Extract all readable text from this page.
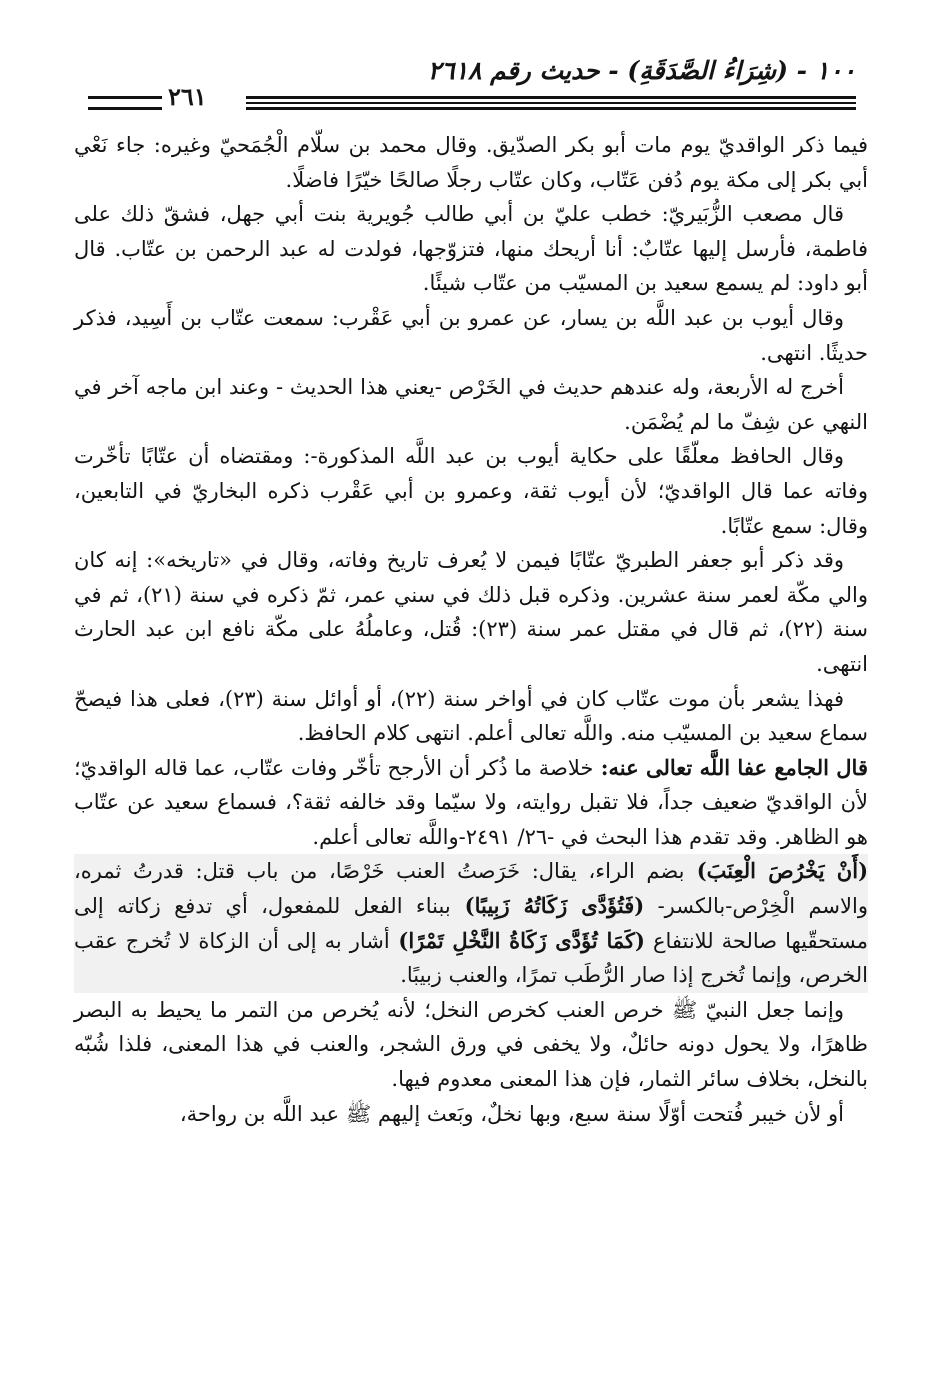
١٠٠ - (شِرَاءُ الصَّدَقَةِ) - حديث رقم ٢٦١٨
٢٦١

فيما ذكر الواقديّ يوم مات أبو بكر الصدّيق. وقال محمد بن سلّام الْجُمَحيّ وغيره: جاء نَعْي أبي بكر إلى مكة يوم دُفن عَتّاب، وكان عتّاب رجلًا صالحًا خيّرًا فاضلًا.

قال مصعب الزُّبَيريّ: خطب عليّ بن أبي طالب جُويرية بنت أبي جهل، فشقّ ذلك على فاطمة، فأرسل إليها عتّابٌ: أنا أريحك منها، فتزوّجها، فولدت له عبد الرحمن بن عتّاب. قال أبو داود: لم يسمع سعيد بن المسيّب من عتّاب شيئًا.

وقال أيوب بن عبد اللَّه بن يسار، عن عمرو بن أبي عَقْرب: سمعت عتّاب بن أَسِيد، فذكر حديثًا. انتهى.

أخرج له الأربعة، وله عندهم حديث في الخَرْص -يعني هذا الحديث - وعند ابن ماجه آخر في النهي عن شِفّ ما لم يُضْمَن.

وقال الحافظ معلّقًا على حكاية أيوب بن عبد اللَّه المذكورة-: ومقتضاه أن عتّابًا تأخّرت وفاته عما قال الواقديّ؛ لأن أيوب ثقة، وعمرو بن أبي عَقْرب ذكره البخاريّ في التابعين، وقال: سمع عتّابًا.

وقد ذكر أبو جعفر الطبريّ عتّابًا فيمن لا يُعرف تاريخ وفاته، وقال في «تاريخه»: إنه كان والي مكّة لعمر سنة عشرين. وذكره قبل ذلك في سني عمر، ثمّ ذكره في سنة (٢١)، ثم في سنة (٢٢)، ثم قال في مقتل عمر سنة (٢٣): قُتل، وعاملُهُ على مكّة نافع ابن عبد الحارث انتهى.

فهذا يشعر بأن موت عتّاب كان في أواخر سنة (٢٢)، أو أوائل سنة (٢٣)، فعلى هذا فيصحّ سماع سعيد بن المسيّب منه. واللَّه تعالى أعلم. انتهى كلام الحافظ.

قال الجامع عفا اللَّه تعالى عنه: خلاصة ما ذُكر أن الأرجح تأخّر وفات عتّاب، عما قاله الواقديّ؛ لأن الواقديّ ضعيف جداً، فلا تقبل روايته، ولا سيّما وقد خالفه ثقة؟، فسماع سعيد عن عتّاب هو الظاهر. وقد تقدم هذا البحث في -٢٦/ ٢٤٩١-واللَّه تعالى أعلم.

(أَنْ يَخْرُصَ الْعِنَبَ) بضم الراء، يقال: خَرَصتُ العنب خَرْصًا، من باب قتل: قدرتُ ثمره، والاسم الْخِرْص-بالكسر- (فَتُؤَدَّى زَكَاتُهُ زَبِيبًا) ببناء الفعل للمفعول، أي تدفع زكاته إلى مستحقّيها صالحة للانتفاع (كَمَا تُؤَدَّى زَكَاةُ النَّخْلِ تَمْرًا) أشار به إلى أن الزكاة لا تُخرج عقب الخرص، وإنما تُخرج إذا صار الرُّطَب تمرًا، والعنب زبيبًا.

وإنما جعل النبيّ ﷺ خرص العنب كخرص النخل؛ لأنه يُخرص من التمر ما يحيط به البصر ظاهرًا، ولا يحول دونه حائلٌ، ولا يخفى في ورق الشجر، والعنب في هذا المعنى، فلذا شُبّه بالنخل، بخلاف سائر الثمار، فإن هذا المعنى معدوم فيها.

أو لأن خيبر فُتحت أوّلًا سنة سبع، وبها نخلٌ، وبَعث إليهم ﷺ عبد اللَّه بن رواحة،
